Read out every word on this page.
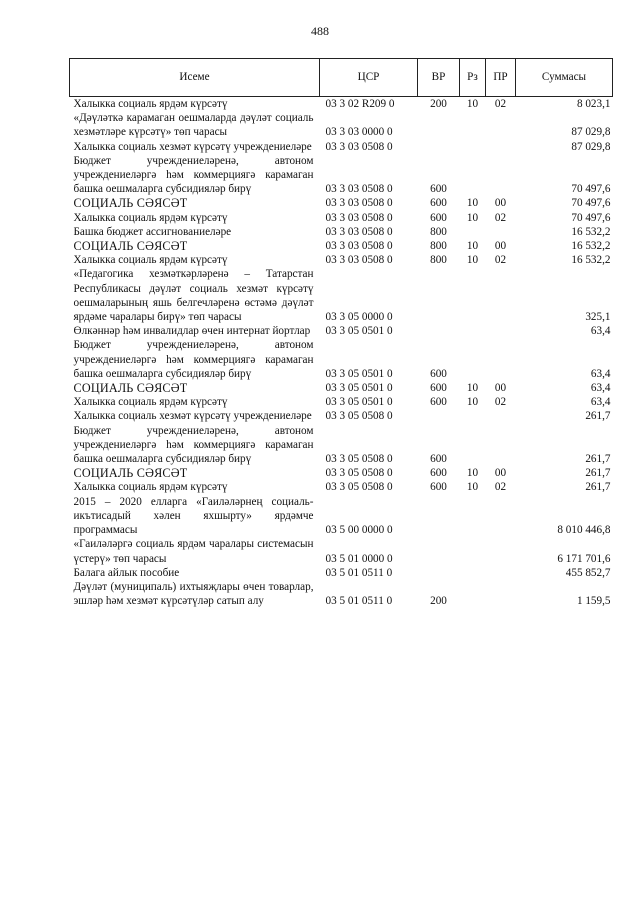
488
Исеме	ЦСР	ВР	Рз	ПР	Суммасы
Халыкка социаль ярдәм күрсәтү	03 3 02 R209 0	200	10	02	8 023,1
«Дәүләткә карамаган оешмаларда дәүләт социаль хезмәтләре күрсәтү» төп чарасы	03 3 03 0000 0				87 029,8
Халыкка социаль хезмәт күрсәтү учреждениеләре	03 3 03 0508 0				87 029,8
Бюджет учреждениеләренә, автоном учреждениеләргә һәм коммерциягә карамаган башка оешмаларга субсидияләр бирү	03 3 03 0508 0	600			70 497,6
СОЦИАЛЬ СӘЯСӘТ	03 3 03 0508 0	600	10	00	70 497,6
Халыкка социаль ярдәм күрсәтү	03 3 03 0508 0	600	10	02	70 497,6
Башка бюджет ассигнованиеләре	03 3 03 0508 0	800			16 532,2
СОЦИАЛЬ СӘЯСӘТ	03 3 03 0508 0	800	10	00	16 532,2
Халыкка социаль ярдәм күрсәтү	03 3 03 0508 0	800	10	02	16 532,2
«Педагогика хезмәткәрләренә – Татарстан Республикасы дәүләт социаль хезмәт күрсәтү оешмаларының яшь белгечләренә өстәмә дәүләт ярдәме чаралары бирү» төп чарасы	03 3 05 0000 0				325,1
Өлкәннәр һәм инвалидлар өчен интернат йортлар	03 3 05 0501 0				63,4
Бюджет учреждениеләренә, автоном учреждениеләргә һәм коммерциягә карамаган башка оешмаларга субсидияләр бирү	03 3 05 0501 0	600			63,4
СОЦИАЛЬ СӘЯСӘТ	03 3 05 0501 0	600	10	00	63,4
Халыкка социаль ярдәм күрсәтү	03 3 05 0501 0	600	10	02	63,4
Халыкка социаль хезмәт күрсәтү учреждениеләре	03 3 05 0508 0				261,7
Бюджет учреждениеләренә, автоном учреждениеләргә һәм коммерциягә карамаган башка оешмаларга субсидияләр бирү	03 3 05 0508 0	600			261,7
СОЦИАЛЬ СӘЯСӘТ	03 3 05 0508 0	600	10	00	261,7
Халыкка социаль ярдәм күрсәтү	03 3 05 0508 0	600	10	02	261,7
2015 – 2020 елларга «Гаиләләрнең социаль-икътисадый хәлен яхшырту» ярдәмче программасы	03 5 00 0000 0				8 010 446,8
«Гаиләләргә социаль ярдәм чаралары системасын үстерү» төп чарасы	03 5 01 0000 0				6 171 701,6
Балага айлык пособие	03 5 01 0511 0				455 852,7
Дәүләт (муниципаль) ихтыяҗлары өчен товарлар, эшләр һәм хезмәт күрсәтүләр сатып алу	03 5 01 0511 0	200			1 159,5
